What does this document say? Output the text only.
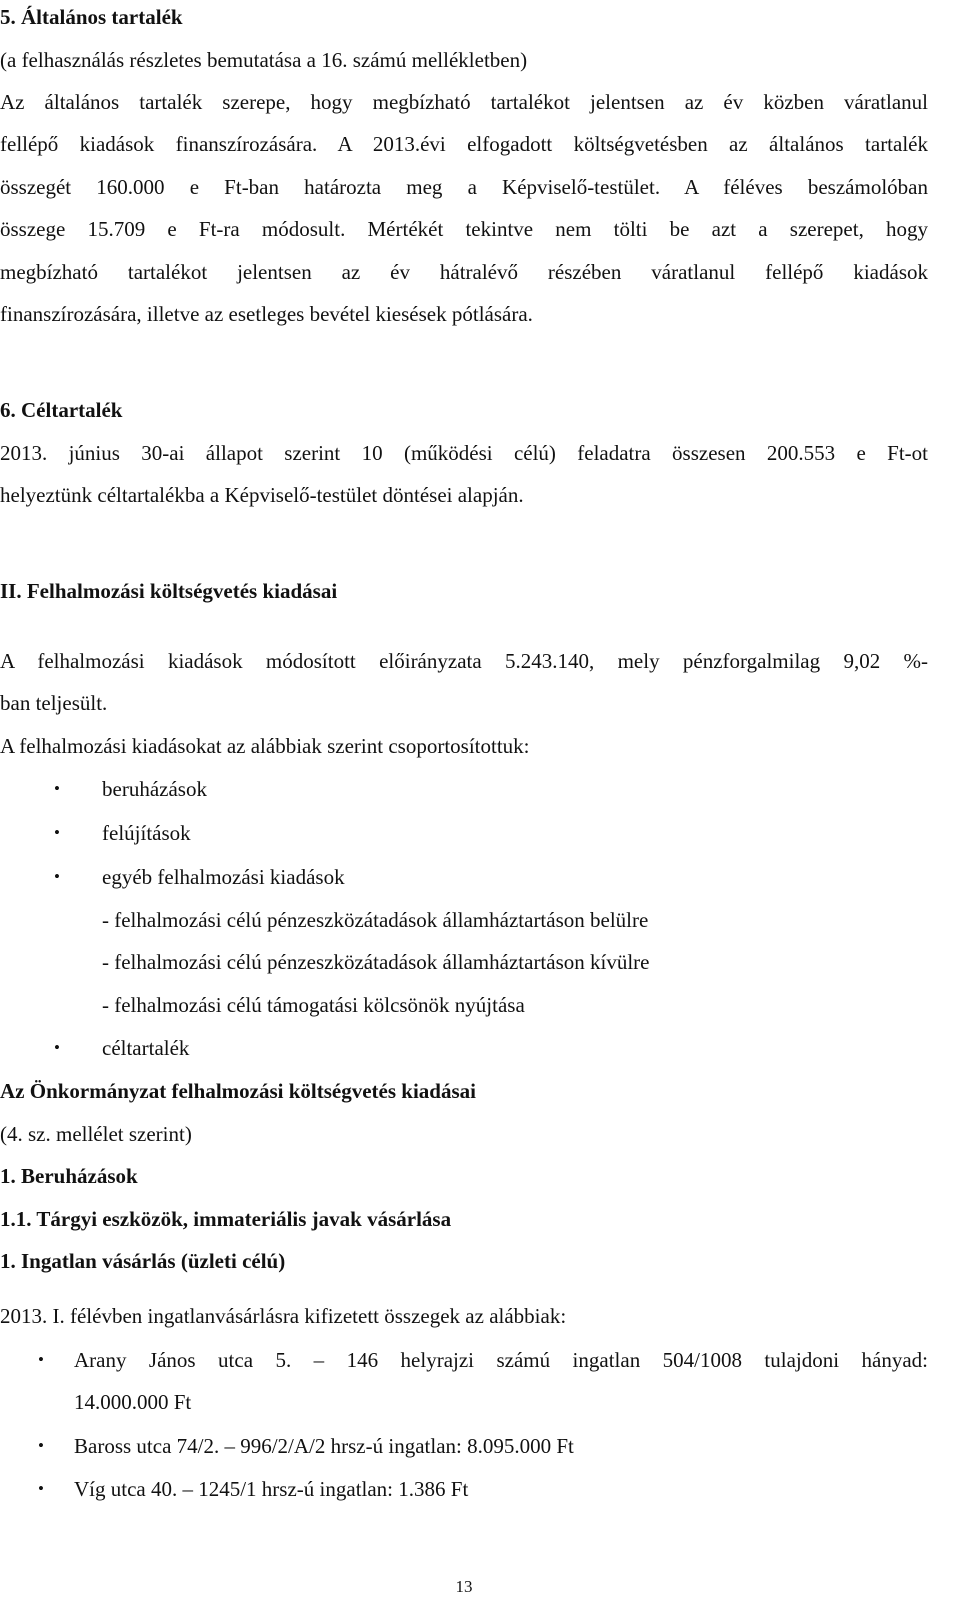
5. Általános tartalék
(a felhasználás részletes bemutatása a 16. számú mellékletben)
Az általános tartalék szerepe, hogy megbízható tartalékot jelentsen az év közben váratlanul
fellépő kiadások finanszírozására. A 2013.évi elfogadott költségvetésben az általános tartalék
összegét 160.000 e Ft-ban határozta meg a Képviselő-testület. A féléves beszámolóban
összege 15.709 e Ft-ra módosult. Mértékét tekintve nem tölti be azt a szerepet, hogy
megbízható tartalékot jelentsen az év hátralévő részében váratlanul fellépő kiadások
finanszírozására, illetve az esetleges bevétel kiesések pótlására.
6. Céltartalék
2013. június 30-ai állapot szerint 10 (működési célú) feladatra összesen 200.553 e Ft-ot
helyeztünk céltartalékba a Képviselő-testület döntései alapján.
II. Felhalmozási költségvetés kiadásai
A felhalmozási kiadások módosított előirányzata 5.243.140, mely pénzforgalmilag 9,02 %-
ban teljesült.
A felhalmozási kiadásokat az alábbiak szerint csoportosítottuk:
• beruházások
• felújítások
• egyéb felhalmozási kiadások
- felhalmozási célú pénzeszközátadások államháztartáson belülre
- felhalmozási célú pénzeszközátadások államháztartáson kívülre
- felhalmozási célú támogatási kölcsönök nyújtása
• céltartalék
Az Önkormányzat felhalmozási költségvetés kiadásai
(4. sz. mellélet szerint)
1. Beruházások
1.1. Tárgyi eszközök, immateriális javak vásárlása
1. Ingatlan vásárlás (üzleti célú)
2013. I. félévben ingatlanvásárlásra kifizetett összegek az alábbiak:
• Arany János utca 5. – 146 helyrajzi számú ingatlan 504/1008 tulajdoni hányad:
14.000.000 Ft
• Baross utca 74/2. – 996/2/A/2 hrsz-ú ingatlan: 8.095.000 Ft
• Víg utca 40. – 1245/1 hrsz-ú ingatlan: 1.386 Ft
13
